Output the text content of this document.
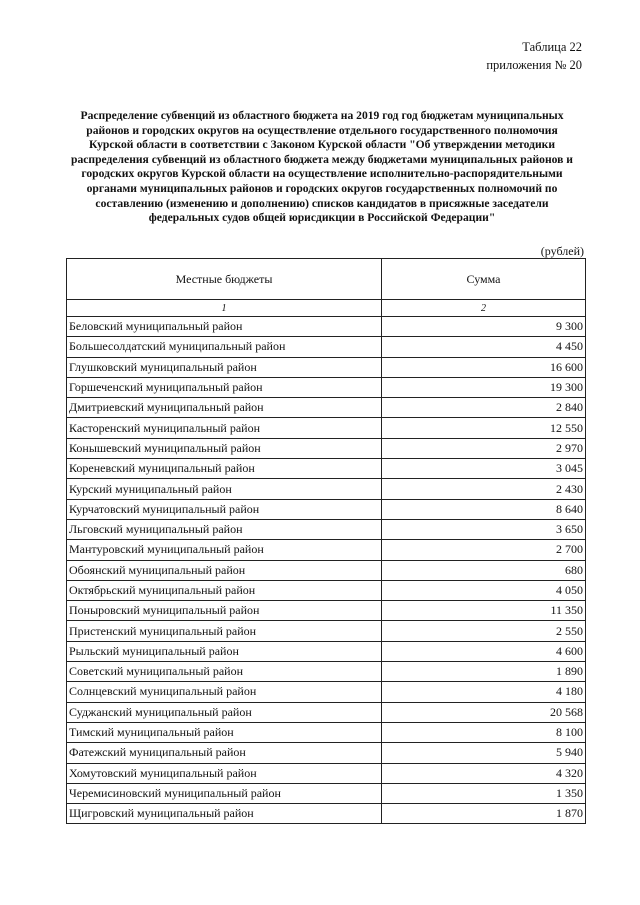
Таблица 22
приложения № 20
Распределение субвенций из областного бюджета на 2019 год год бюджетам муниципальных
районов и городских округов на осуществление отдельного государственного полномочия
Курской области в соответствии с Законом Курской области "Об утверждении методики
распределения субвенций из областного бюджета между бюджетами муниципальных районов и
городских округов Курской области на осуществление исполнительно-распорядительными
органами муниципальных районов и городских округов государственных полномочий по
составлению (изменению и дополнению) списков кандидатов в присяжные заседатели
федеральных судов общей юрисдикции в Российской Федерации"
(рублей)
Местные бюджеты	Сумма
1	2
Беловский муниципальный район	9 300
Большесолдатский муниципальный район	4 450
Глушковский муниципальный район	16 600
Горшеченский муниципальный район	19 300
Дмитриевский муниципальный район	2 840
Касторенский муниципальный район	12 550
Конышевский муниципальный район	2 970
Кореневский муниципальный район	3 045
Курский муниципальный район	2 430
Курчатовский муниципальный район	8 640
Льговский муниципальный район	3 650
Мантуровский муниципальный район	2 700
Обоянский муниципальный район	680
Октябрьский муниципальный район	4 050
Поныровский муниципальный район	11 350
Пристенский муниципальный район	2 550
Рыльский муниципальный район	4 600
Советский муниципальный район	1 890
Солнцевский муниципальный район	4 180
Суджанский муниципальный район	20 568
Тимский муниципальный район	8 100
Фатежский муниципальный район	5 940
Хомутовский муниципальный район	4 320
Черемисиновский муниципальный район	1 350
Щигровский муниципальный район	1 870
